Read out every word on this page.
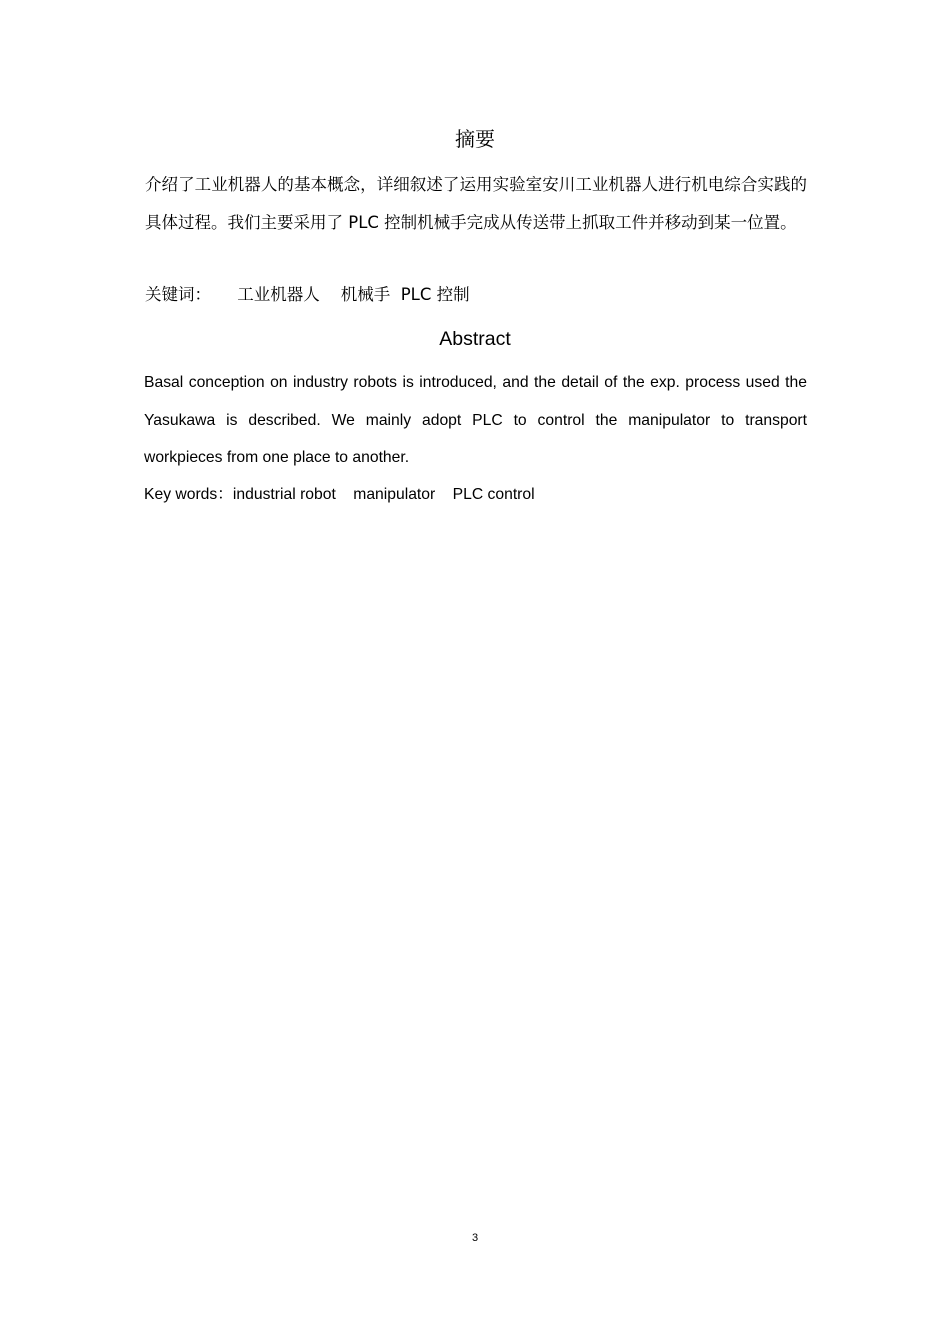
摘要
介绍了工业机器人的基本概念，详细叙述了运用实验室安川工业机器人进行机电综合实践的具体过程。我们主要采用了 PLC 控制机械手完成从传送带上抓取工件并移动到某一位置。
关键词：     工业机器人    机械手  PLC 控制
Abstract
Basal conception on industry robots is introduced, and the detail of the exp. process used the Yasukawa is described. We mainly adopt PLC to control the manipulator to transport workpieces from one place to another.
Key words：industrial robot    manipulator    PLC control
3
